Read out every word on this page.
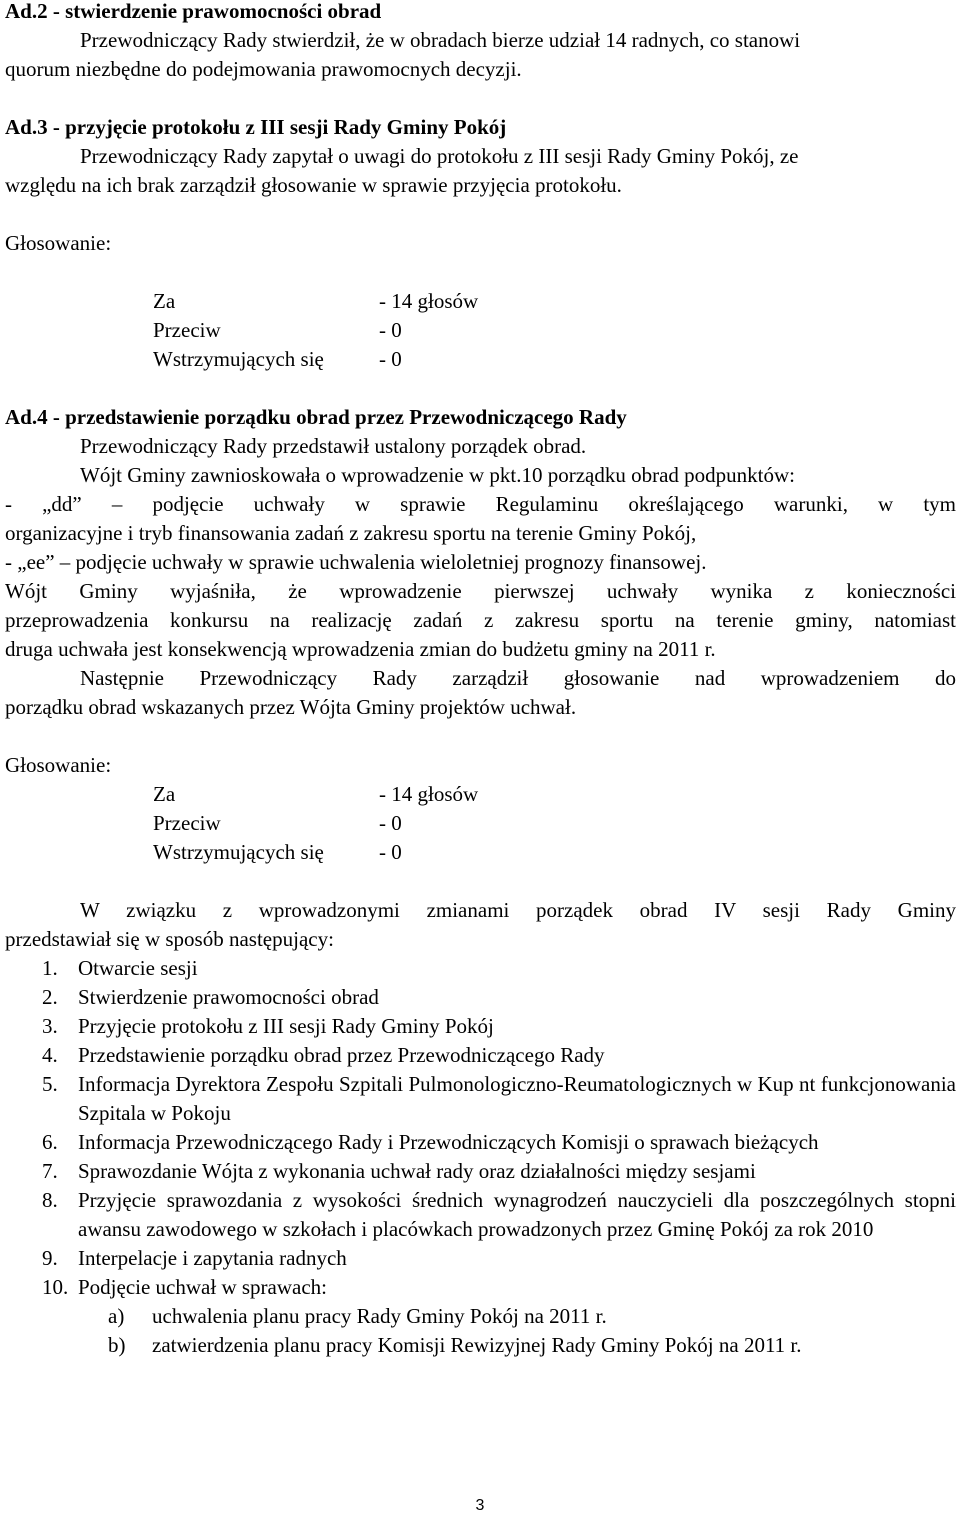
Ad.2 - stwierdzenie prawomocności obrad

Przewodniczący Rady stwierdził, że w obradach bierze udział 14 radnych, co stanowi

quorum niezbędne do podejmowania prawomocnych decyzji.

Ad.3 - przyjęcie protokołu z III sesji Rady Gminy Pokój

Przewodniczący Rady zapytał o uwagi do protokołu z III sesji Rady Gminy Pokój, ze

względu na ich brak zarządził głosowanie w sprawie przyjęcia protokołu.

Głosowanie:

Za	- 14 głosów
Przeciw	- 0
Wstrzymujących się	- 0

Ad.4 - przedstawienie porządku obrad przez Przewodniczącego Rady

Przewodniczący Rady przedstawił ustalony porządek obrad.

Wójt Gminy zawnioskowała o wprowadzenie w pkt.10 porządku obrad podpunktów:

- „dd” – podjęcie uchwały w sprawie Regulaminu określającego warunki, w tym

organizacyjne i tryb finansowania zadań z zakresu sportu na terenie Gminy Pokój,

- „ee” – podjęcie uchwały w sprawie uchwalenia wieloletniej prognozy finansowej.

Wójt Gminy wyjaśniła, że wprowadzenie pierwszej uchwały wynika z konieczności

przeprowadzenia konkursu na realizację zadań z zakresu sportu na terenie gminy, natomiast

druga uchwała jest konsekwencją wprowadzenia zmian do budżetu gminy na 2011 r.

Następnie Przewodniczący Rady zarządził głosowanie nad wprowadzeniem do

porządku obrad wskazanych przez Wójta Gminy projektów uchwał.

Głosowanie:

Za	- 14 głosów
Przeciw	- 0
Wstrzymujących się	- 0

W związku z wprowadzonymi zmianami porządek obrad IV sesji Rady Gminy

przedstawiał się w sposób następujący:

1. Otwarcie sesji
2. Stwierdzenie prawomocności obrad
3. Przyjęcie protokołu z III sesji Rady Gminy Pokój
4. Przedstawienie porządku obrad przez Przewodniczącego Rady
5. Informacja Dyrektora Zespołu Szpitali Pulmonologiczno-Reumatologicznych w Kup nt funkcjonowania Szpitala w Pokoju
6. Informacja Przewodniczącego Rady i Przewodniczących Komisji o sprawach bieżących
7. Sprawozdanie Wójta z wykonania uchwał rady oraz działalności między sesjami
8. Przyjęcie sprawozdania z wysokości średnich wynagrodzeń nauczycieli dla poszczególnych stopni awansu zawodowego w szkołach i placówkach prowadzonych przez Gminę Pokój za rok 2010
9. Interpelacje i zapytania radnych
10. Podjęcie uchwał w sprawach:
a) uchwalenia planu pracy Rady Gminy Pokój na 2011 r.
b) zatwierdzenia planu pracy Komisji Rewizyjnej Rady Gminy Pokój na 2011 r.
3
